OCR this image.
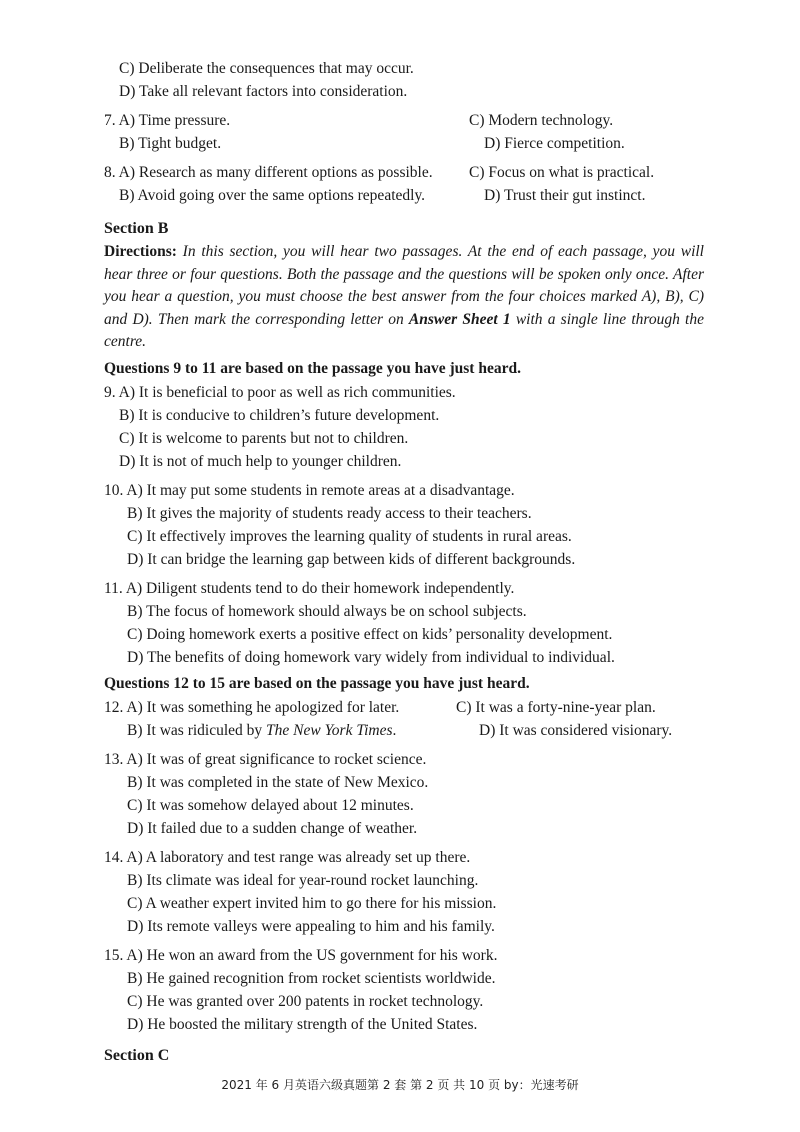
C) Deliberate the consequences that may occur.
D) Take all relevant factors into consideration.
7. A) Time pressure.	C) Modern technology.
B) Tight budget.	D) Fierce competition.
8. A) Research as many different options as possible.	C) Focus on what is practical.
B) Avoid going over the same options repeatedly.	D) Trust their gut instinct.
Section B
Directions: In this section, you will hear two passages. At the end of each passage, you will hear three or four questions. Both the passage and the questions will be spoken only once. After you hear a question, you must choose the best answer from the four choices marked A), B), C) and D). Then mark the corresponding letter on Answer Sheet 1 with a single line through the centre.
Questions 9 to 11 are based on the passage you have just heard.
9. A) It is beneficial to poor as well as rich communities.
B) It is conducive to children’s future development.
C) It is welcome to parents but not to children.
D) It is not of much help to younger children.
10. A) It may put some students in remote areas at a disadvantage.
B) It gives the majority of students ready access to their teachers.
C) It effectively improves the learning quality of students in rural areas.
D) It can bridge the learning gap between kids of different backgrounds.
11. A) Diligent students tend to do their homework independently.
B) The focus of homework should always be on school subjects.
C) Doing homework exerts a positive effect on kids’ personality development.
D) The benefits of doing homework vary widely from individual to individual.
Questions 12 to 15 are based on the passage you have just heard.
12. A) It was something he apologized for later.	C) It was a forty-nine-year plan.
B) It was ridiculed by The New York Times.	D) It was considered visionary.
13. A) It was of great significance to rocket science.
B) It was completed in the state of New Mexico.
C) It was somehow delayed about 12 minutes.
D) It failed due to a sudden change of weather.
14. A) A laboratory and test range was already set up there.
B) Its climate was ideal for year-round rocket launching.
C) A weather expert invited him to go there for his mission.
D) Its remote valleys were appealing to him and his family.
15. A) He won an award from the US government for his work.
B) He gained recognition from rocket scientists worldwide.
C) He was granted over 200 patents in rocket technology.
D) He boosted the military strength of the United States.
Section C
2021 年 6 月英语六级真题第 2 套 第 2 页 共 10 页 by：光速考研
